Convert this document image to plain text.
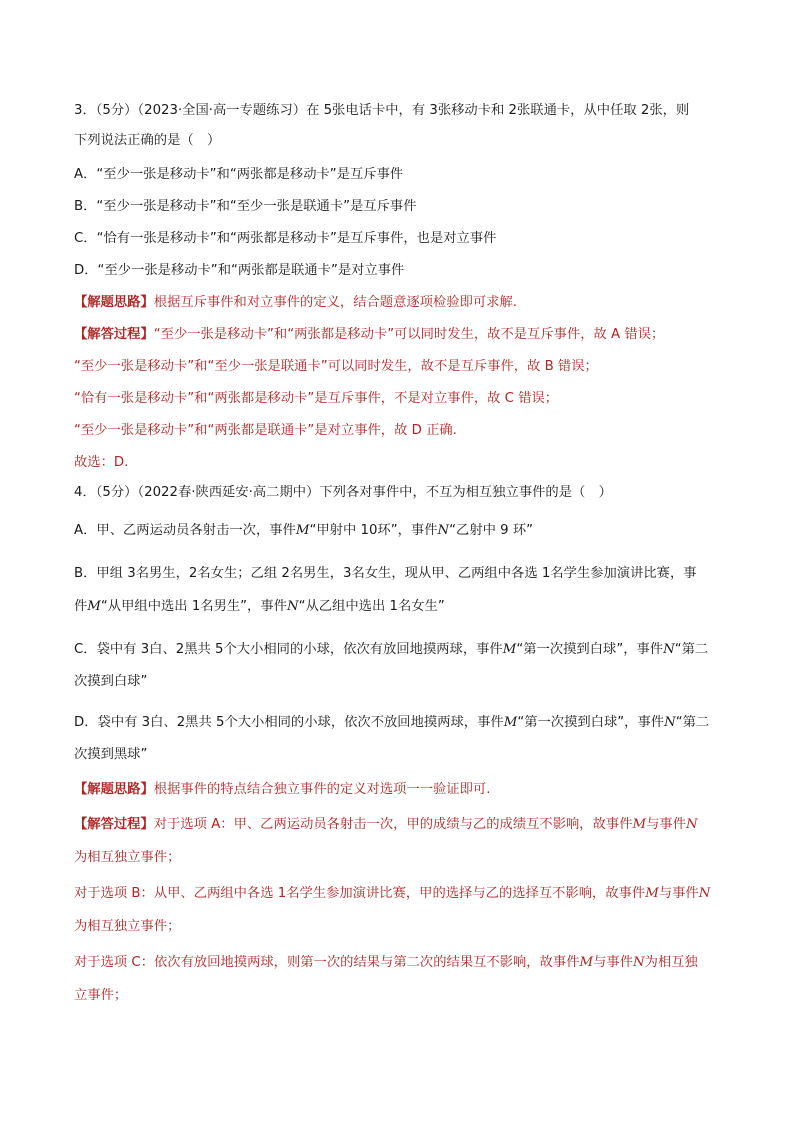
3．（5分）（2023·全国·高一专题练习）在 5张电话卡中，有 3张移动卡和 2张联通卡，从中任取 2张，则
下列说法正确的是（　）
A．“至少一张是移动卡”和“两张都是移动卡”是互斥事件
B．“至少一张是移动卡”和“至少一张是联通卡”是互斥事件
C．“恰有一张是移动卡”和“两张都是移动卡”是互斥事件，也是对立事件
D．“至少一张是移动卡”和“两张都是联通卡”是对立事件
【解题思路】根据互斥事件和对立事件的定义，结合题意逐项检验即可求解.
【解答过程】“至少一张是移动卡”和“两张都是移动卡”可以同时发生，故不是互斥事件，故 A 错误；
“至少一张是移动卡”和“至少一张是联通卡”可以同时发生，故不是互斥事件，故 B 错误；
“恰有一张是移动卡”和“两张都是移动卡”是互斥事件，不是对立事件，故 C 错误；
“至少一张是移动卡”和“两张都是联通卡”是对立事件，故 D 正确.
故选：D.
4．（5分）（2022春·陕西延安·高二期中）下列各对事件中，不互为相互独立事件的是（　）
A．甲、乙两运动员各射击一次，事件M“甲射中 10环”，事件N“乙射中 9 环”
B．甲组 3名男生，2名女生；乙组 2名男生，3名女生，现从甲、乙两组中各选 1名学生参加演讲比赛，事
件M“从甲组中选出 1名男生”，事件N“从乙组中选出 1名女生”
C．袋中有 3白、2黑共 5个大小相同的小球，依次有放回地摸两球，事件M“第一次摸到白球”，事件N“第二
次摸到白球”
D．袋中有 3白、2黑共 5个大小相同的小球，依次不放回地摸两球，事件M“第一次摸到白球”，事件N“第二
次摸到黑球”
【解题思路】根据事件的特点结合独立事件的定义对选项一一验证即可.
【解答过程】对于选项 A：甲、乙两运动员各射击一次，甲的成绩与乙的成绩互不影响，故事件M与事件N
为相互独立事件；
对于选项 B：从甲、乙两组中各选 1名学生参加演讲比赛，甲的选择与乙的选择互不影响，故事件M与事件N
为相互独立事件；
对于选项 C：依次有放回地摸两球，则第一次的结果与第二次的结果互不影响，故事件M与事件N为相互独
立事件；
